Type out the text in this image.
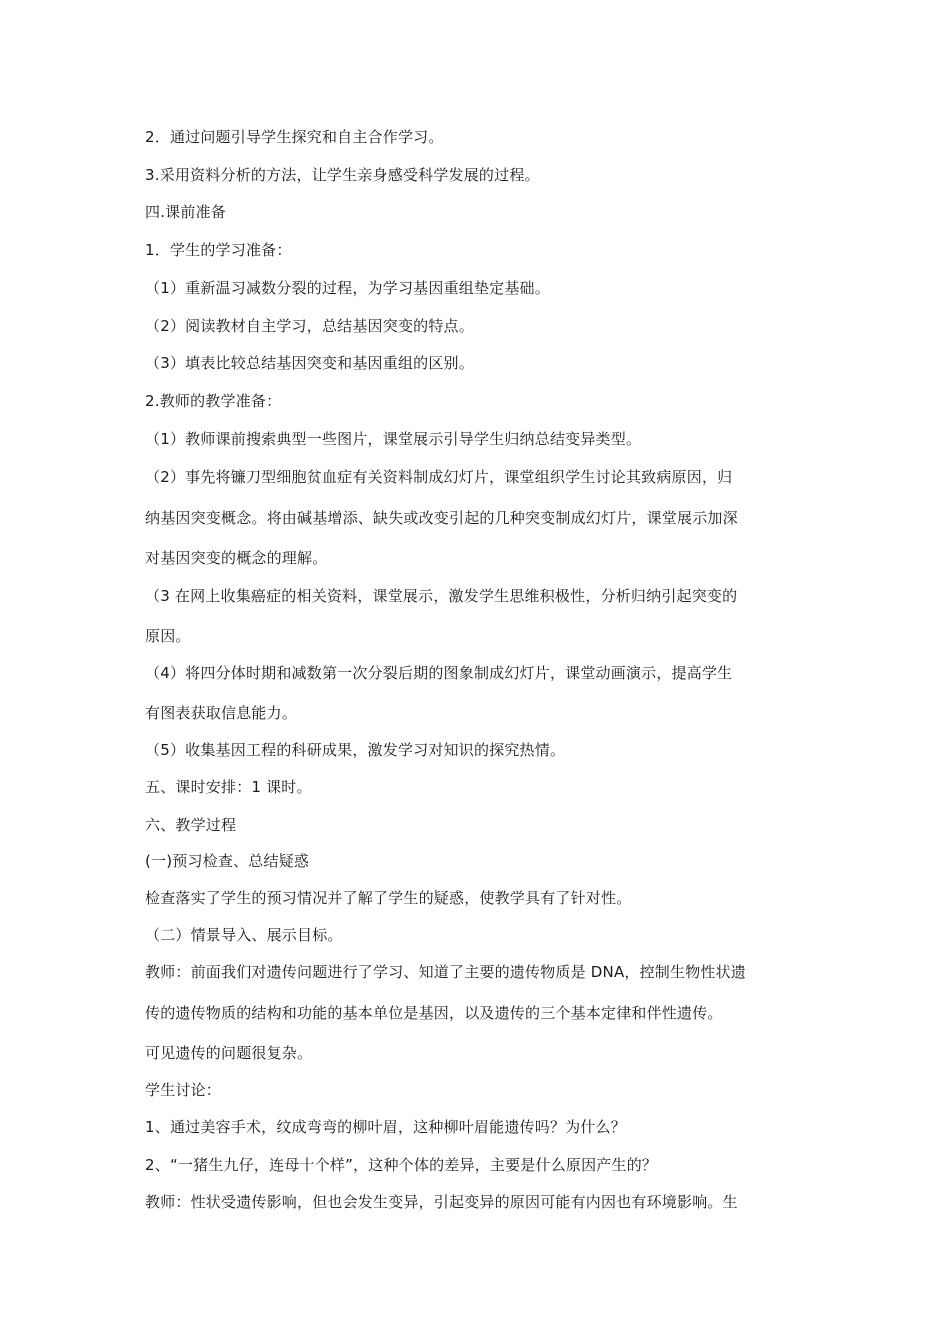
2．通过问题引导学生探究和自主合作学习。
3.采用资料分析的方法，让学生亲身感受科学发展的过程。
四.课前准备
1．学生的学习准备：
（1）重新温习减数分裂的过程，为学习基因重组垫定基础。
（2）阅读教材自主学习，总结基因突变的特点。
（3）填表比较总结基因突变和基因重组的区别。
2.教师的教学准备：
（1）教师课前搜索典型一些图片，课堂展示引导学生归纳总结变异类型。
（2）事先将镰刀型细胞贫血症有关资料制成幻灯片，课堂组织学生讨论其致病原因，归
纳基因突变概念。将由碱基增添、缺失或改变引起的几种突变制成幻灯片，课堂展示加深
对基因突变的概念的理解。
（3 在网上收集癌症的相关资料，课堂展示，激发学生思维积极性，分析归纳引起突变的
原因。
（4）将四分体时期和减数第一次分裂后期的图象制成幻灯片，课堂动画演示，提高学生
有图表获取信息能力。
（5）收集基因工程的科研成果，激发学习对知识的探究热情。
五、课时安排：1 课时。
六、教学过程
(一)预习检查、总结疑惑
检查落实了学生的预习情况并了解了学生的疑惑，使教学具有了针对性。
（二）情景导入、展示目标。
教师：前面我们对遗传问题进行了学习、知道了主要的遗传物质是 DNA，控制生物性状遗
传的遗传物质的结构和功能的基本单位是基因，以及遗传的三个基本定律和伴性遗传。
可见遗传的问题很复杂。
学生讨论：
1、通过美容手术，纹成弯弯的柳叶眉，这种柳叶眉能遗传吗？为什么？
2、“一猪生九仔，连母十个样”，这种个体的差异，主要是什么原因产生的？
教师：性状受遗传影响，但也会发生变异，引起变异的原因可能有内因也有环境影响。生
